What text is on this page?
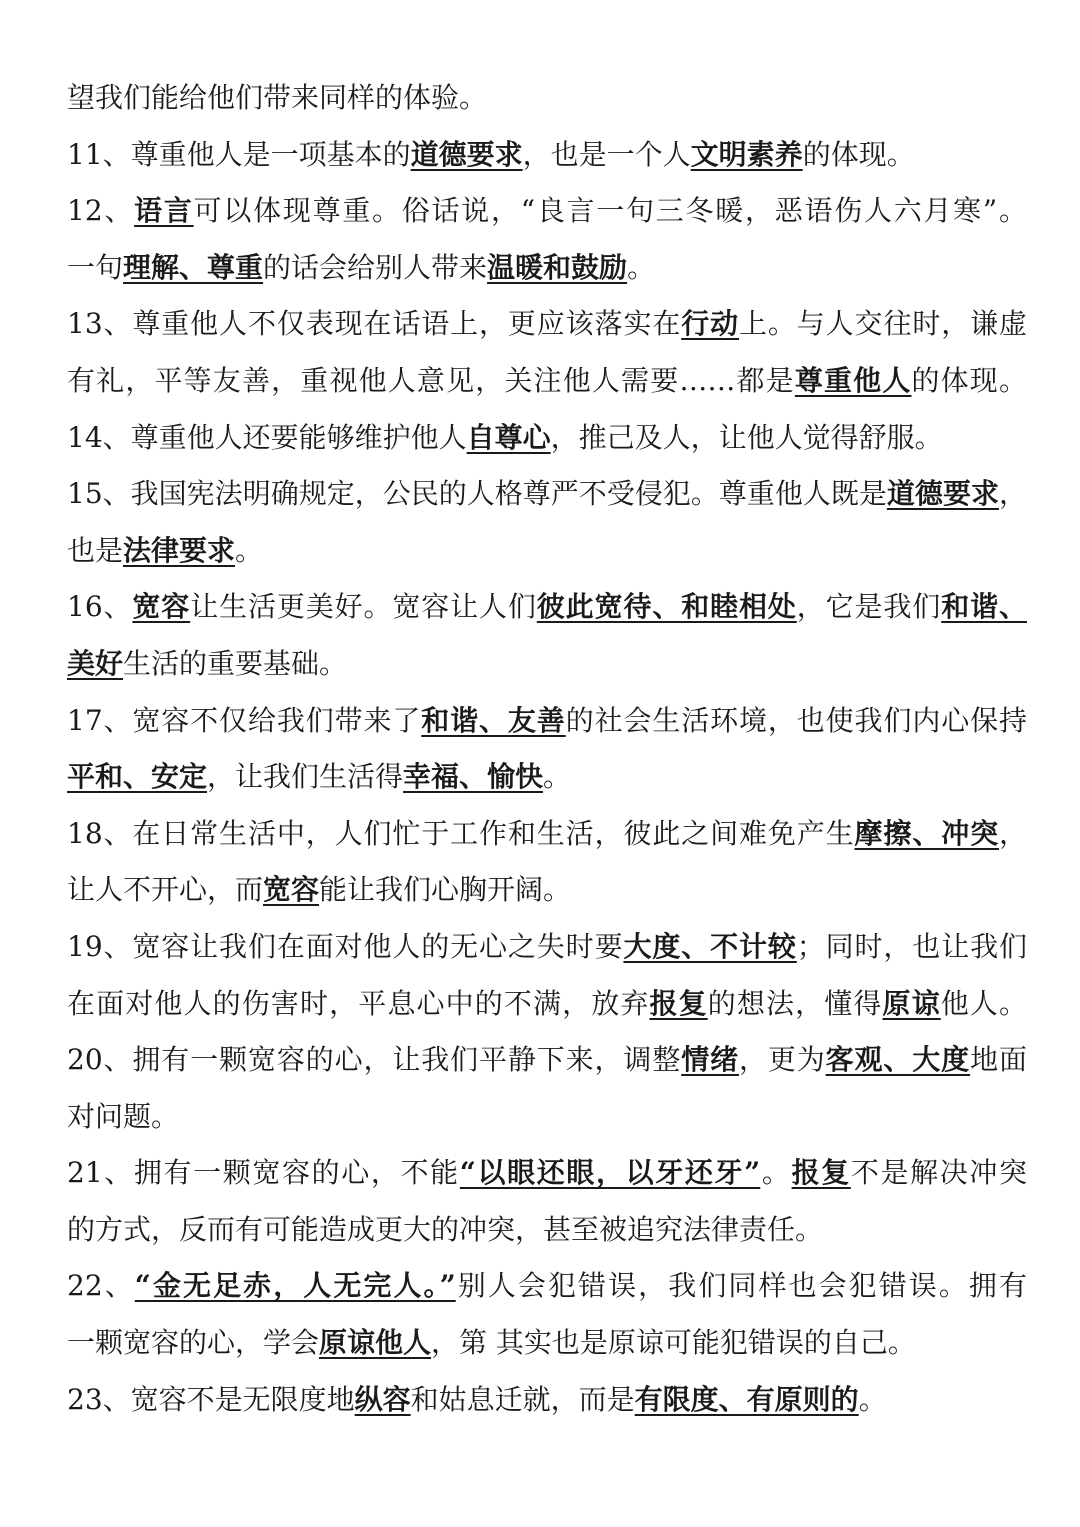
望我们能给他们带来同样的体验。
11、尊重他人是一项基本的道德要求，也是一个人文明素养的体现。
12、语言可以体现尊重。俗话说，“良言一句三冬暖，恶语伤人六月寒”。
一句理解、尊重的话会给别人带来温暖和鼓励。
13、尊重他人不仅表现在话语上，更应该落实在行动上。与人交往时，谦虚
有礼，平等友善，重视他人意见，关注他人需要……都是尊重他人的体现。
14、尊重他人还要能够维护他人自尊心，推己及人，让他人觉得舒服。
15、我国宪法明确规定，公民的人格尊严不受侵犯。尊重他人既是道德要求，
也是法律要求。
16、宽容让生活更美好。宽容让人们彼此宽待、和睦相处，它是我们和谐、
美好生活的重要基础。
17、宽容不仅给我们带来了和谐、友善的社会生活环境，也使我们内心保持
平和、安定，让我们生活得幸福、愉快。
18、在日常生活中，人们忙于工作和生活，彼此之间难免产生摩擦、冲突，
让人不开心，而宽容能让我们心胸开阔。
19、宽容让我们在面对他人的无心之失时要大度、不计较；同时，也让我们
在面对他人的伤害时，平息心中的不满，放弃报复的想法，懂得原谅他人。
20、拥有一颗宽容的心，让我们平静下来，调整情绪，更为客观、大度地面
对问题。
21、拥有一颗宽容的心，不能“以眼还眼，以牙还牙”。报复不是解决冲突
的方式，反而有可能造成更大的冲突，甚至被追究法律责任。
22、“金无足赤，人无完人。”别人会犯错误，我们同样也会犯错误。拥有
一颗宽容的心，学会原谅他人，第 其实也是原谅可能犯错误的自己。
23、宽容不是无限度地纵容和姑息迁就，而是有限度、有原则的。
